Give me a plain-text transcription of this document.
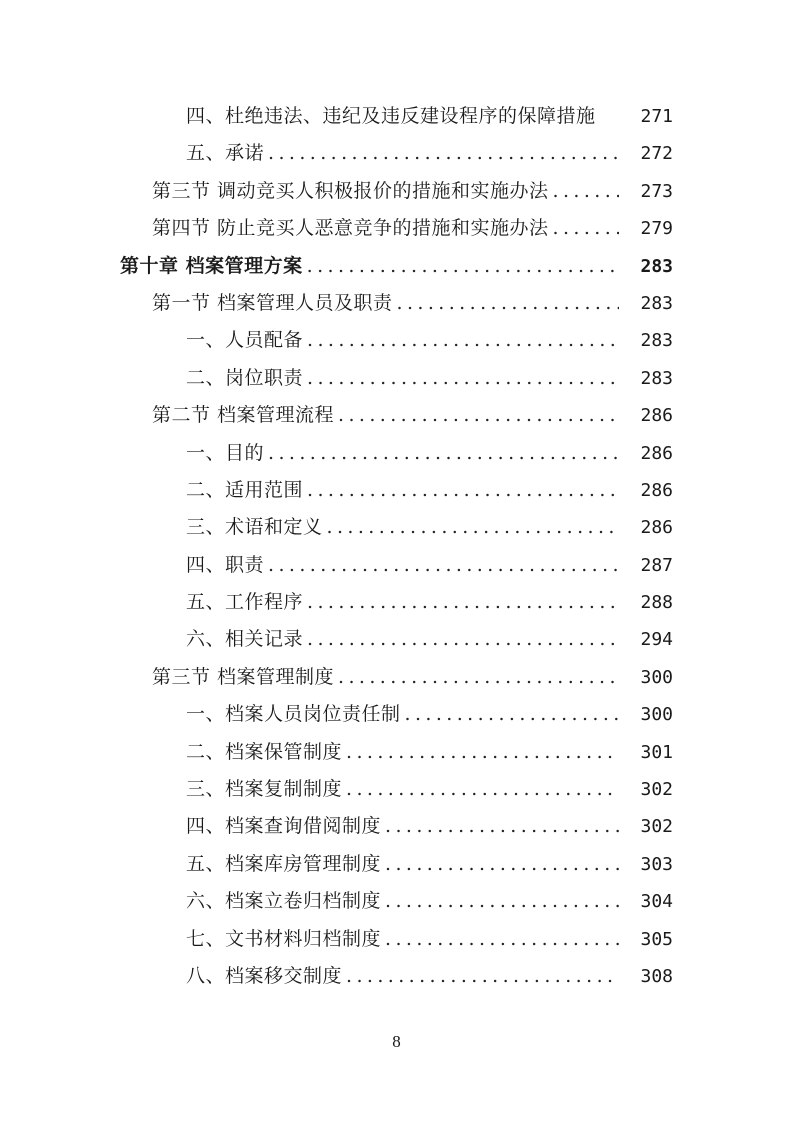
四、杜绝违法、违纪及违反建设程序的保障措施	271
五、承诺 .....	272
第三节 调动竞买人积极报价的措施和实施办法 .....	273
第四节 防止竞买人恶意竞争的措施和实施办法 .....	279
第十章 档案管理方案 .....	283
第一节 档案管理人员及职责 .....	283
一、人员配备 .....	283
二、岗位职责 .....	283
第二节 档案管理流程 .....	286
一、目的 .....	286
二、适用范围 .....	286
三、术语和定义 .....	286
四、职责 .....	287
五、工作程序 .....	288
六、相关记录 .....	294
第三节 档案管理制度 .....	300
一、档案人员岗位责任制 .....	300
二、档案保管制度 .....	301
三、档案复制制度 .....	302
四、档案查询借阅制度 .....	302
五、档案库房管理制度 .....	303
六、档案立卷归档制度 .....	304
七、文书材料归档制度 .....	305
八、档案移交制度 .....	308
8
